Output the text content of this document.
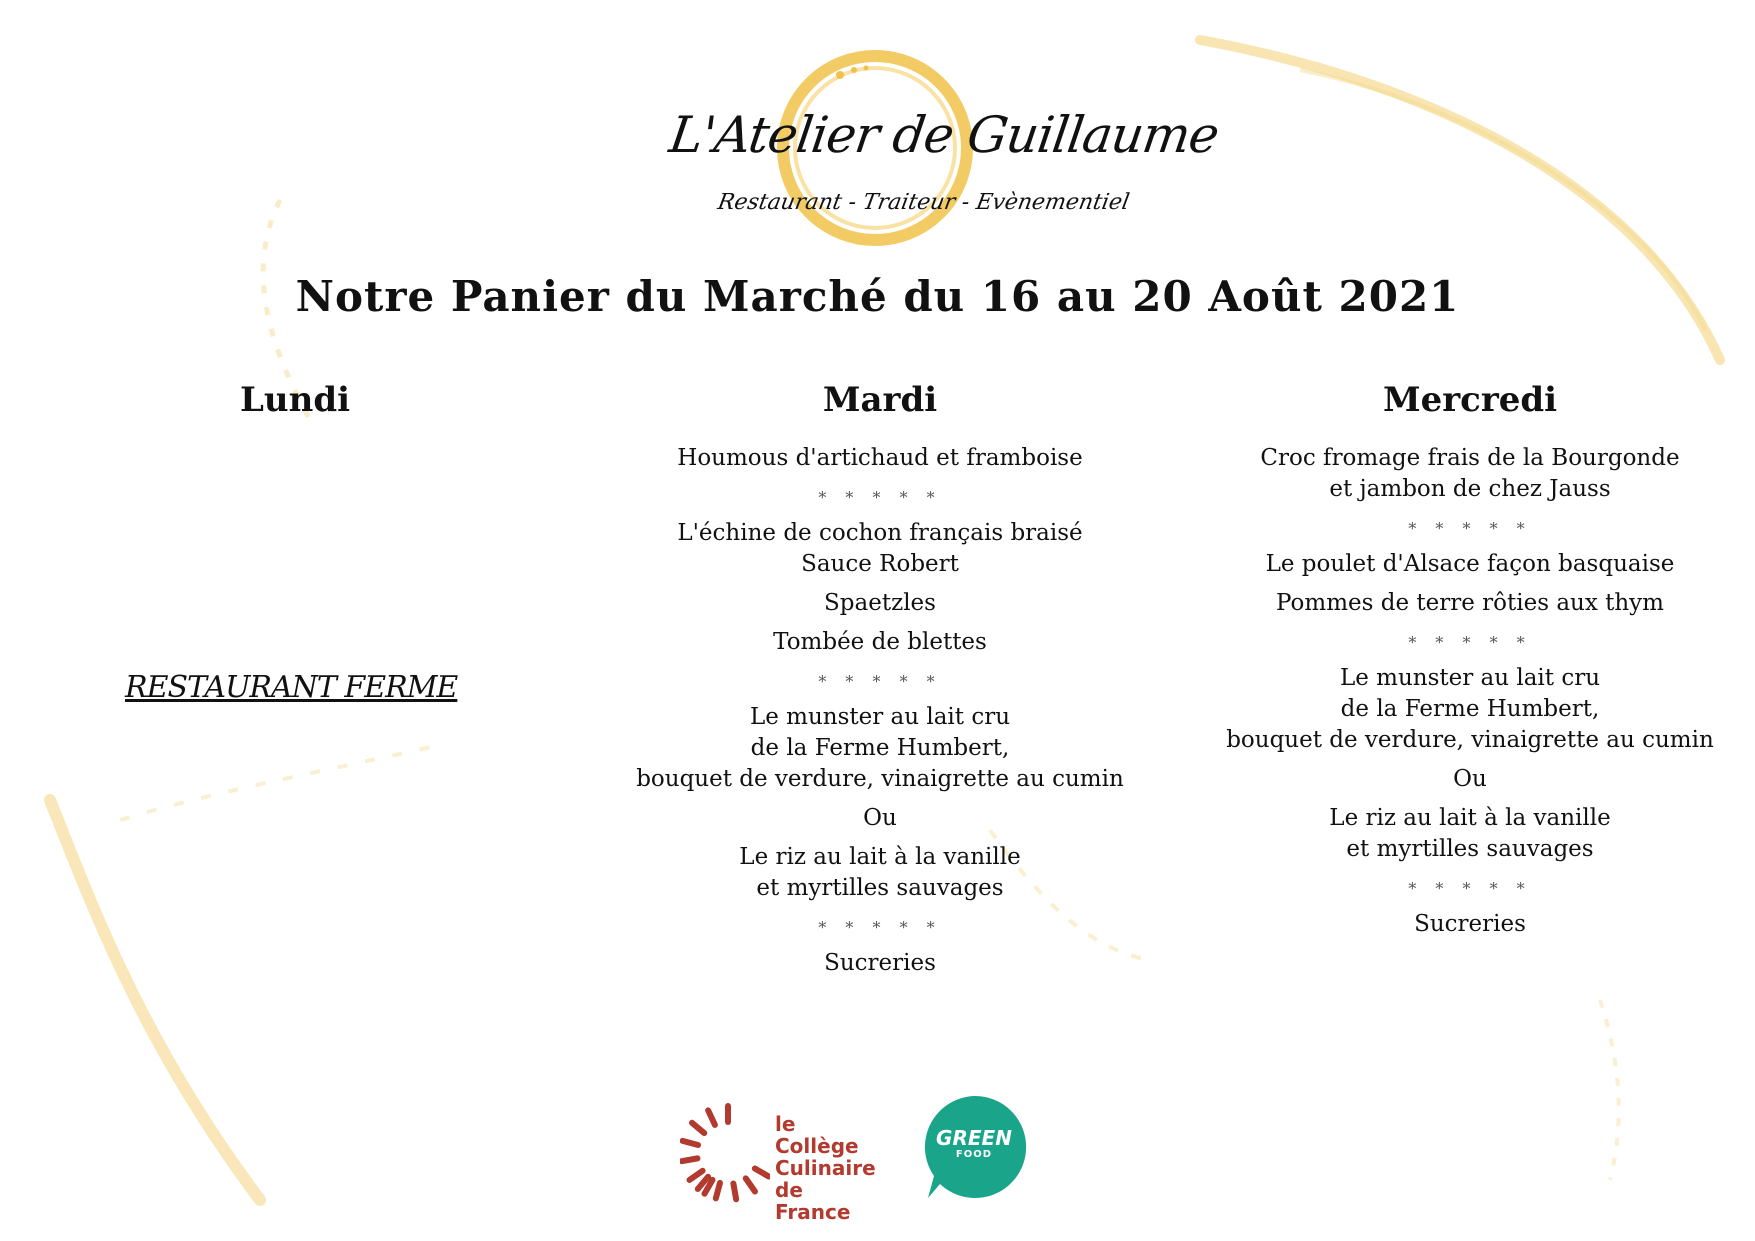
L'Atelier de Guillaume
Restaurant - Traiteur - Evènementiel
Notre Panier du Marché du 16 au 20 Août 2021
Lundi
RESTAURANT FERME
Mardi
Houmous d'artichaud et framboise
* * * * *
L'échine de cochon français braisé
Sauce Robert
Spaetzles
Tombée de blettes
* * * * *
Le munster au lait cru
de la Ferme Humbert,
bouquet de verdure, vinaigrette au cumin
Ou
Le riz au lait à la vanille
et myrtilles sauvages
* * * * *
Sucreries
Mercredi
Croc fromage frais de la Bourgonde
et jambon de chez Jauss
* * * * *
Le poulet d'Alsace façon basquaise
Pommes de terre rôties aux thym
* * * * *
Le munster au lait cru
de la Ferme Humbert,
bouquet de verdure, vinaigrette au cumin
Ou
Le riz au lait à la vanille
et myrtilles sauvages
* * * * *
Sucreries
le Collège
Culinaire
de France
GREEN
FOOD
